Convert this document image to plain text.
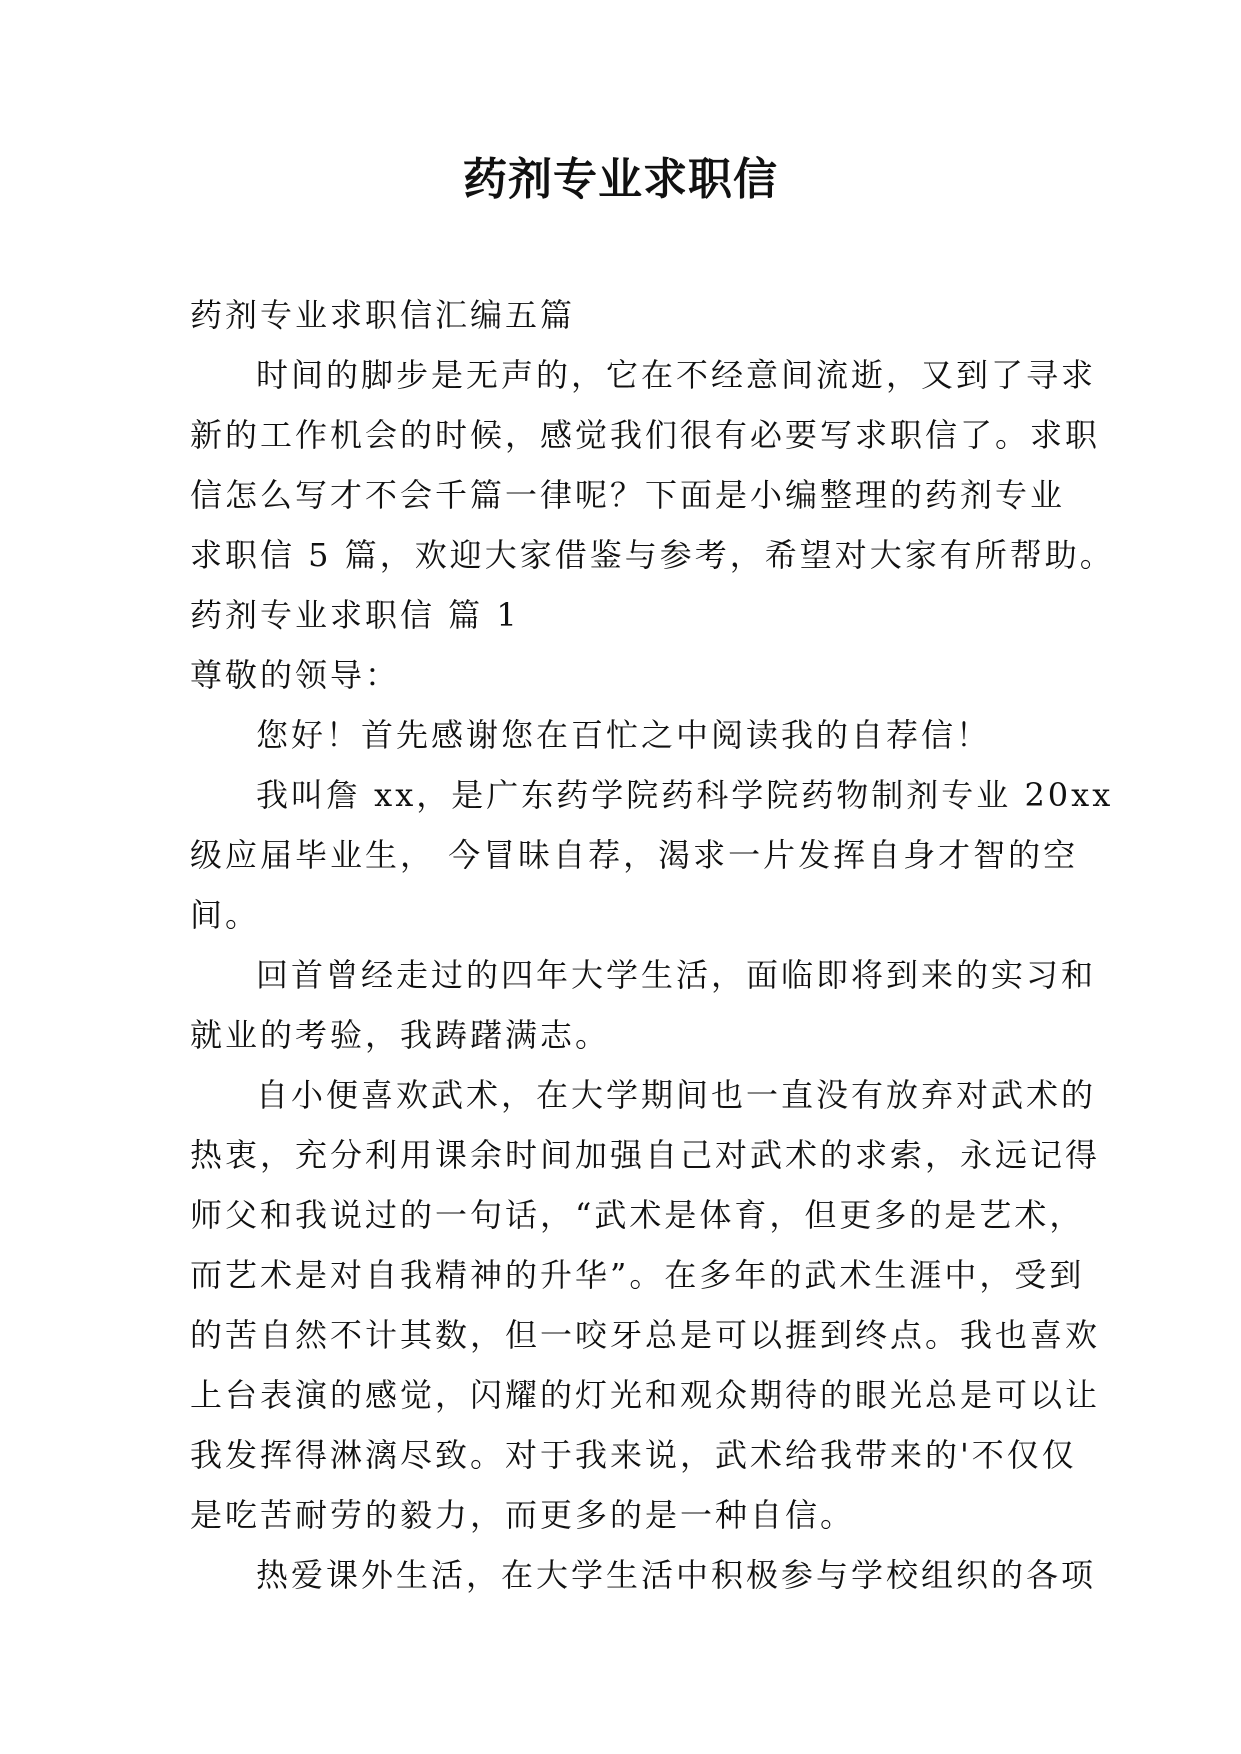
药剂专业求职信
药剂专业求职信汇编五篇
时间的脚步是无声的，它在不经意间流逝，又到了寻求
新的工作机会的时候，感觉我们很有必要写求职信了。求职
信怎么写才不会千篇一律呢？下面是小编整理的药剂专业
求职信 5 篇，欢迎大家借鉴与参考，希望对大家有所帮助。
药剂专业求职信 篇 1
尊敬的领导：
您好！首先感谢您在百忙之中阅读我的自荐信！
我叫詹 xx，是广东药学院药科学院药物制剂专业 20xx
级应届毕业生， 今冒昧自荐，渴求一片发挥自身才智的空
间。
回首曾经走过的四年大学生活，面临即将到来的实习和
就业的考验，我踌躇满志。
自小便喜欢武术，在大学期间也一直没有放弃对武术的
热衷，充分利用课余时间加强自己对武术的求索，永远记得
师父和我说过的一句话，“武术是体育，但更多的是艺术，
而艺术是对自我精神的升华”。在多年的武术生涯中，受到
的苦自然不计其数，但一咬牙总是可以捱到终点。我也喜欢
上台表演的感觉，闪耀的灯光和观众期待的眼光总是可以让
我发挥得淋漓尽致。对于我来说，武术给我带来的'不仅仅
是吃苦耐劳的毅力，而更多的是一种自信。
热爱课外生活，在大学生活中积极参与学校组织的各项
